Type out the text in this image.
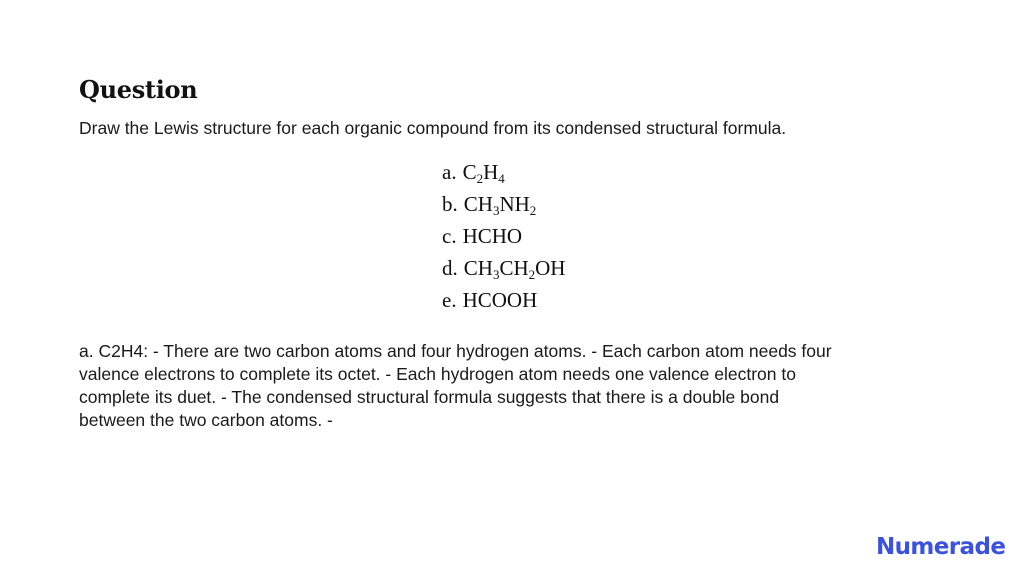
Question
Draw the Lewis structure for each organic compound from its condensed structural formula.
a. $C_2H_4$
b. $CH_3NH_2$
c. HCHO
d. $CH_3CH_2OH$
e. HCOOH
a. C2H4: - There are two carbon atoms and four hydrogen atoms. - Each carbon atom needs four
valence electrons to complete its octet. - Each hydrogen atom needs one valence electron to
complete its duet. - The condensed structural formula suggests that there is a double bond
between the two carbon atoms. -
Numerade
